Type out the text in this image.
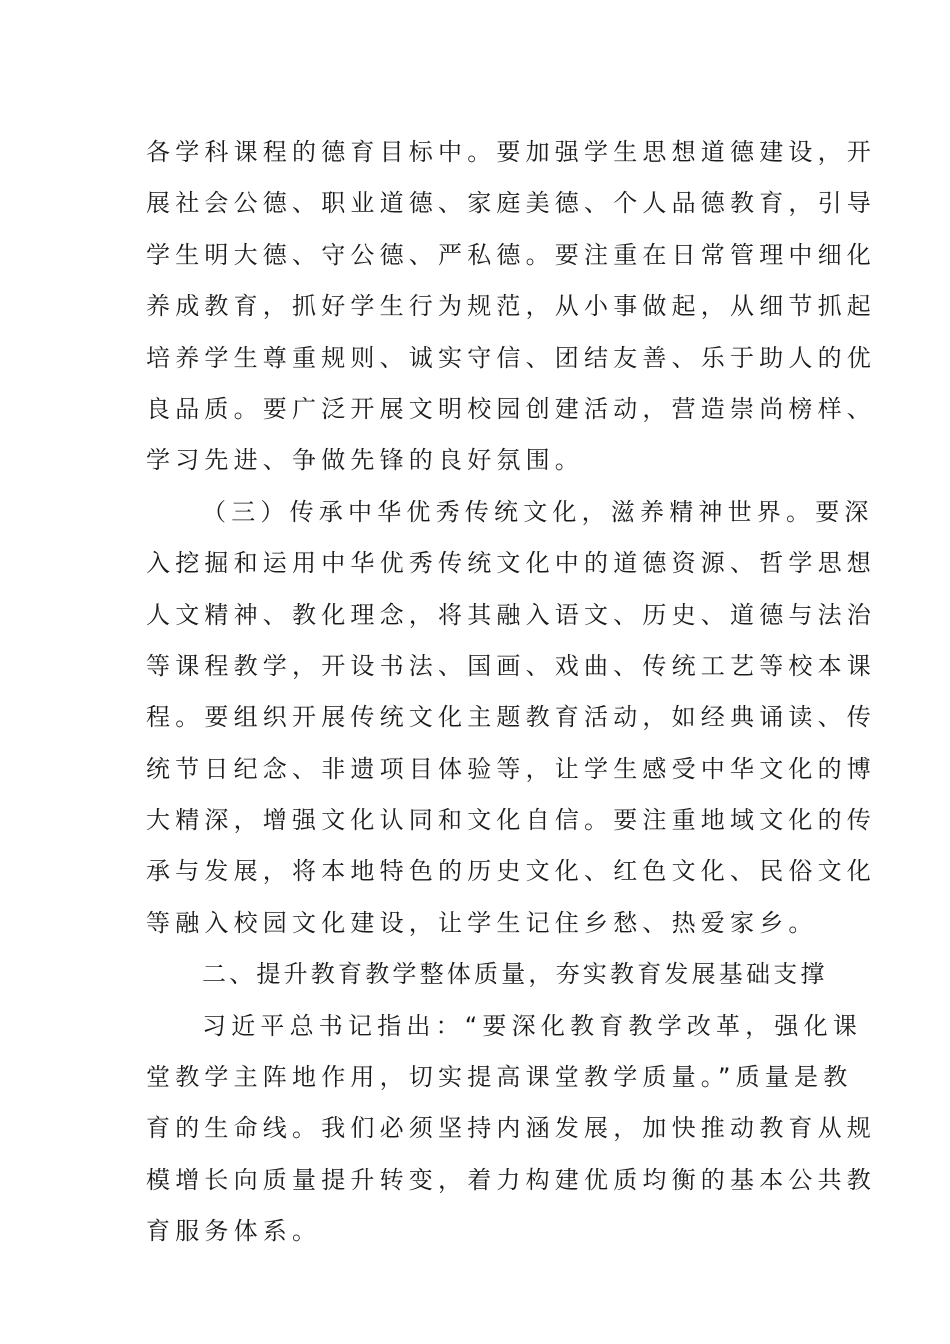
各学科课程的德育目标中。要加强学生思想道德建设，开
展社会公德、职业道德、家庭美德、个人品德教育，引导
学生明大德、守公德、严私德。要注重在日常管理中细化
养成教育，抓好学生行为规范，从小事做起，从细节抓起
培养学生尊重规则、诚实守信、团结友善、乐于助人的优
良品质。要广泛开展文明校园创建活动，营造崇尚榜样、
学习先进、争做先锋的良好氛围。
（三）传承中华优秀传统文化，滋养精神世界。要深
入挖掘和运用中华优秀传统文化中的道德资源、哲学思想
人文精神、教化理念，将其融入语文、历史、道德与法治
等课程教学，开设书法、国画、戏曲、传统工艺等校本课
程。要组织开展传统文化主题教育活动，如经典诵读、传
统节日纪念、非遗项目体验等，让学生感受中华文化的博
大精深，增强文化认同和文化自信。要注重地域文化的传
承与发展，将本地特色的历史文化、红色文化、民俗文化
等融入校园文化建设，让学生记住乡愁、热爱家乡。
二、提升教育教学整体质量，夯实教育发展基础支撑
习近平总书记指出：“要深化教育教学改革，强化课
堂教学主阵地作用，切实提高课堂教学质量。”质量是教
育的生命线。我们必须坚持内涵发展，加快推动教育从规
模增长向质量提升转变，着力构建优质均衡的基本公共教
育服务体系。
